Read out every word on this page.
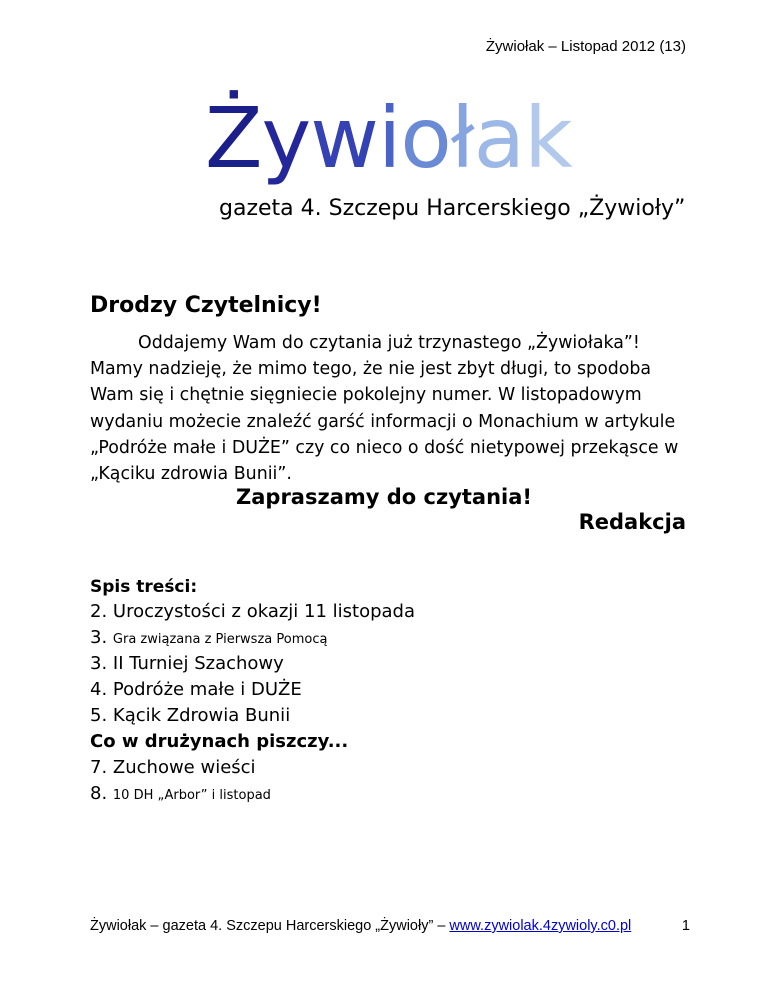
Żywiołak – Listopad 2012 (13)
Żywiołak
gazeta 4. Szczepu Harcerskiego „Żywioły”
Drodzy Czytelnicy!

Oddajemy Wam do czytania już trzynastego „Żywiołaka”! Mamy nadzieję, że mimo tego, że nie jest zbyt długi, to spodoba Wam się i chętnie sięgniecie pokolejny numer. W listopadowym wydaniu możecie znaleźć garść informacji o Monachium w artykule „Podróże małe i DUŻE” czy co nieco o dość nietypowej przekąsce w „Kąciku zdrowia Bunii”.

Zapraszamy do czytania!
Redakcja
Spis treści:
2. Uroczystości z okazji 11 listopada
3. Gra związana z Pierwsza Pomocą
3. II Turniej Szachowy
4. Podróże małe i DUŻE
5. Kącik Zdrowia Bunii
Co w drużynach piszczy...
7. Zuchowe wieści
8. 10 DH „Arbor” i listopad
Żywiołak – gazeta 4. Szczepu Harcerskiego „Żywioły” – www.zywiolak.4zywioly.c0.pl	1
